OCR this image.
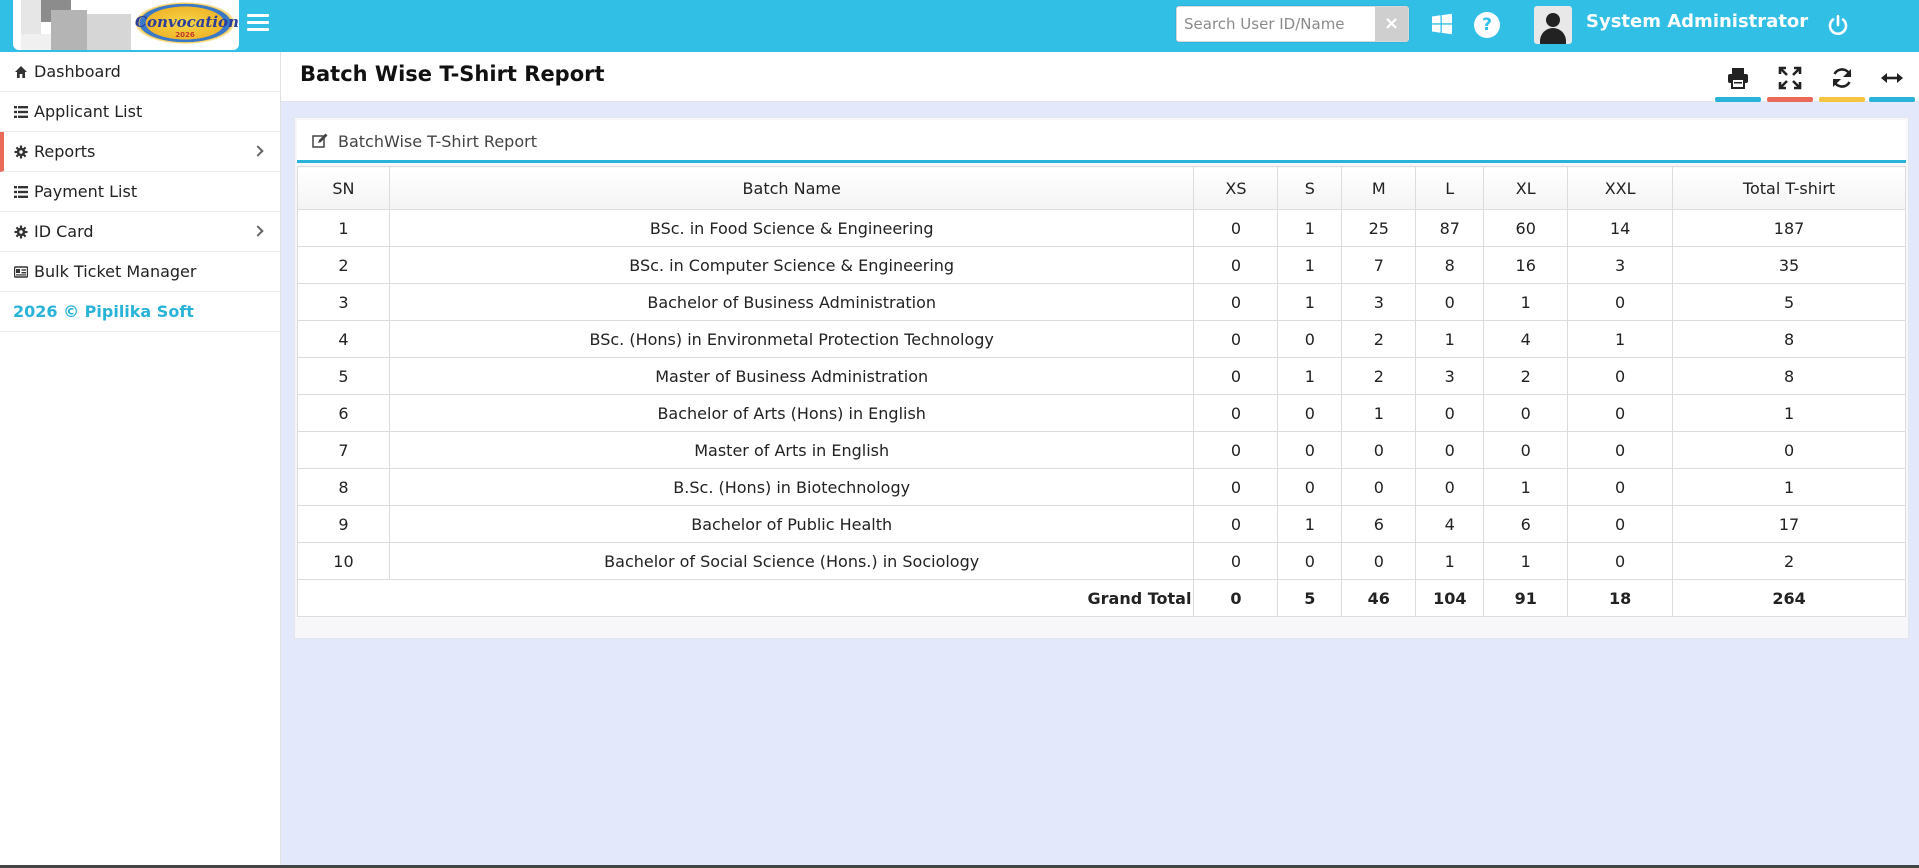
Convocation
2026
Search User ID/Name
×	?	System Administrator
Dashboard
Applicant List
Reports
Payment List
ID Card
Bulk Ticket Manager
2026 © Pipilika Soft
Batch Wise T-Shirt Report
BatchWise T-Shirt Report
SN	Batch Name	XS	S	M	L	XL	XXL	Total T-shirt
1	BSc. in Food Science & Engineering	0	1	25	87	60	14	187
2	BSc. in Computer Science & Engineering	0	1	7	8	16	3	35
3	Bachelor of Business Administration	0	1	3	0	1	0	5
4	BSc. (Hons) in Environmetal Protection Technology	0	0	2	1	4	1	8
5	Master of Business Administration	0	1	2	3	2	0	8
6	Bachelor of Arts (Hons) in English	0	0	1	0	0	0	1
7	Master of Arts in English	0	0	0	0	0	0	0
8	B.Sc. (Hons) in Biotechnology	0	0	0	0	1	0	1
9	Bachelor of Public Health	0	1	6	4	6	0	17
10	Bachelor of Social Science (Hons.) in Sociology	0	0	0	1	1	0	2
Grand Total		0	5	46	104	91	18	264
